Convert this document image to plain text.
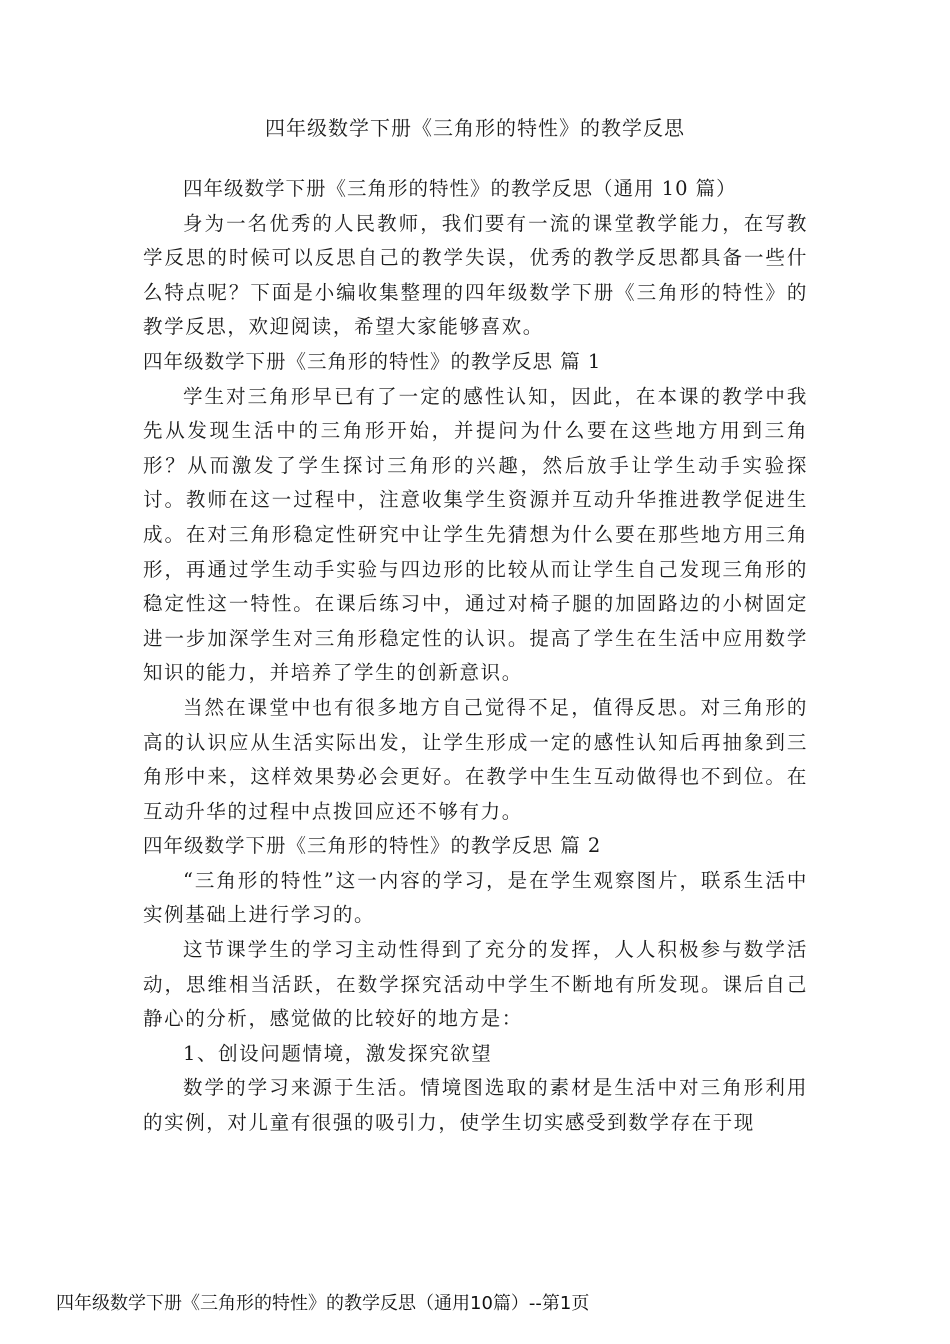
四年级数学下册《三角形的特性》的教学反思

四年级数学下册《三角形的特性》的教学反思（通用 10 篇）

身为一名优秀的人民教师，我们要有一流的课堂教学能力，在写教学反思的时候可以反思自己的教学失误，优秀的教学反思都具备一些什么特点呢？下面是小编收集整理的四年级数学下册《三角形的特性》的教学反思，欢迎阅读，希望大家能够喜欢。

四年级数学下册《三角形的特性》的教学反思 篇 1

学生对三角形早已有了一定的感性认知，因此，在本课的教学中我先从发现生活中的三角形开始，并提问为什么要在这些地方用到三角形？从而激发了学生探讨三角形的兴趣，然后放手让学生动手实验探讨。教师在这一过程中，注意收集学生资源并互动升华推进教学促进生成。在对三角形稳定性研究中让学生先猜想为什么要在那些地方用三角形，再通过学生动手实验与四边形的比较从而让学生自己发现三角形的稳定性这一特性。在课后练习中，通过对椅子腿的加固路边的小树固定进一步加深学生对三角形稳定性的认识。提高了学生在生活中应用数学知识的能力，并培养了学生的创新意识。

当然在课堂中也有很多地方自己觉得不足，值得反思。对三角形的高的认识应从生活实际出发，让学生形成一定的感性认知后再抽象到三角形中来，这样效果势必会更好。在教学中生生互动做得也不到位。在互动升华的过程中点拨回应还不够有力。

四年级数学下册《三角形的特性》的教学反思 篇 2

“三角形的特性”这一内容的学习，是在学生观察图片，联系生活中实例基础上进行学习的。

这节课学生的学习主动性得到了充分的发挥，人人积极参与数学活动，思维相当活跃，在数学探究活动中学生不断地有所发现。课后自己静心的分析，感觉做的比较好的地方是：

1、创设问题情境，激发探究欲望

数学的学习来源于生活。情境图选取的素材是生活中对三角形利用的实例，对儿童有很强的吸引力，使学生切实感受到数学存在于现

四年级数学下册《三角形的特性》的教学反思（通用10篇）--第1页
